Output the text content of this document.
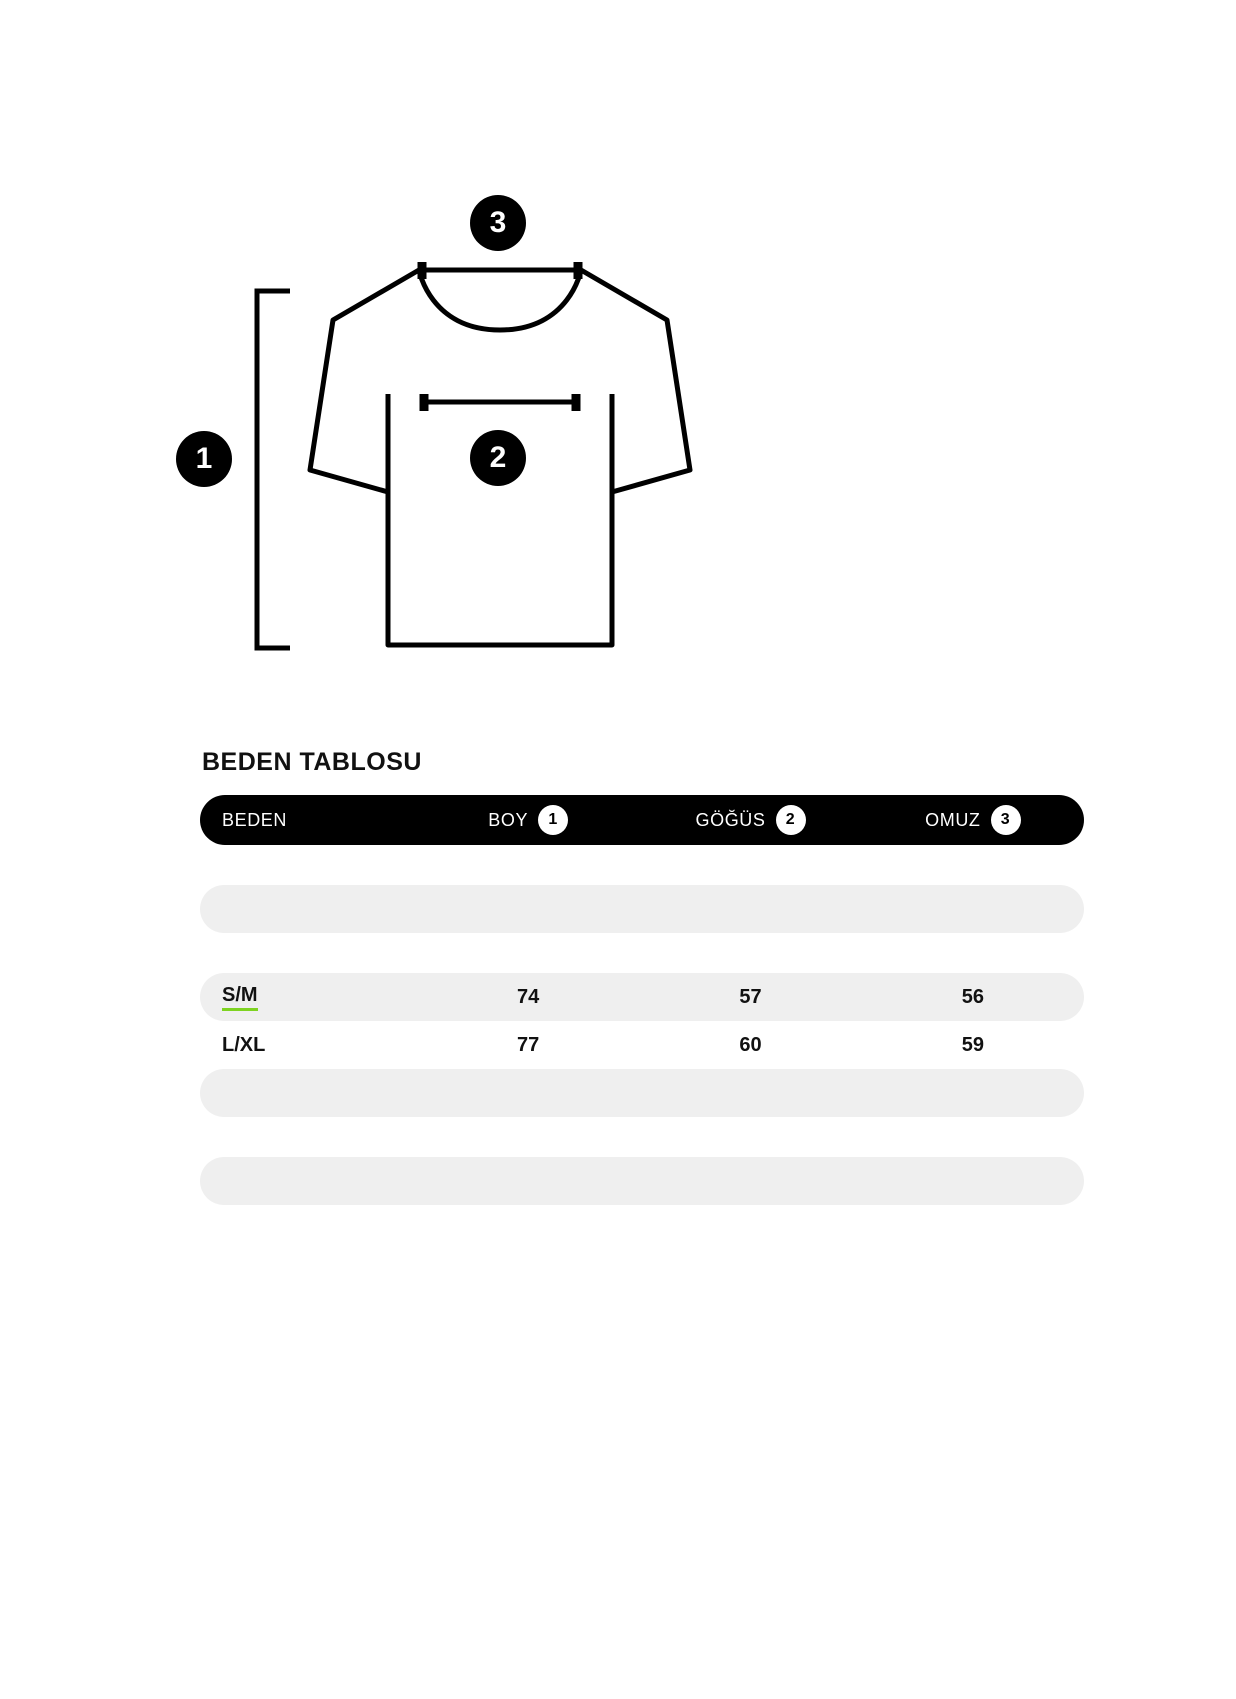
3
1	2
BEDEN TABLOSU
BEDEN	BOY	1	GÖĞÜS	2	OMUZ	3
S/M	74	57	56
L/XL	77	60	59
